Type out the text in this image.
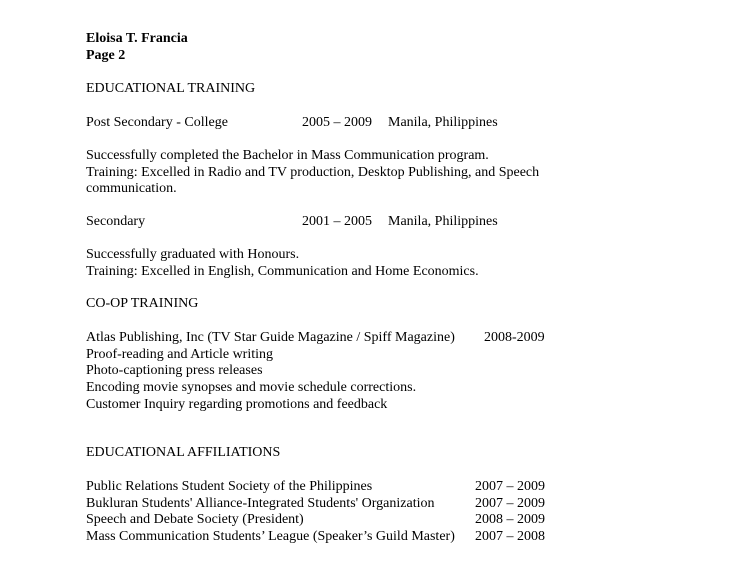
Eloisa T. Francia
Page 2
EDUCATIONAL TRAINING
Post Secondary - College	2005 – 2009 Manila, Philippines
Successfully completed the Bachelor in Mass Communication program.
Training: Excelled in Radio and TV production, Desktop Publishing, and Speech
communication.
Secondary	2001 – 2005 Manila, Philippines
Successfully graduated with Honours.
Training: Excelled in English, Communication and Home Economics.
CO-OP TRAINING
Atlas Publishing, Inc (TV Star Guide Magazine / Spiff Magazine) 2008-2009
Proof-reading and Article writing
Photo-captioning press releases
Encoding movie synopses and movie schedule corrections.
Customer Inquiry regarding promotions and feedback
EDUCATIONAL AFFILIATIONS
Public Relations Student Society of the Philippines	2007 – 2009
Bukluran Students' Alliance-Integrated Students' Organization	2007 – 2009
Speech and Debate Society (President)	2008 – 2009
Mass Communication Students’ League (Speaker’s Guild Master) 2007 – 2008
